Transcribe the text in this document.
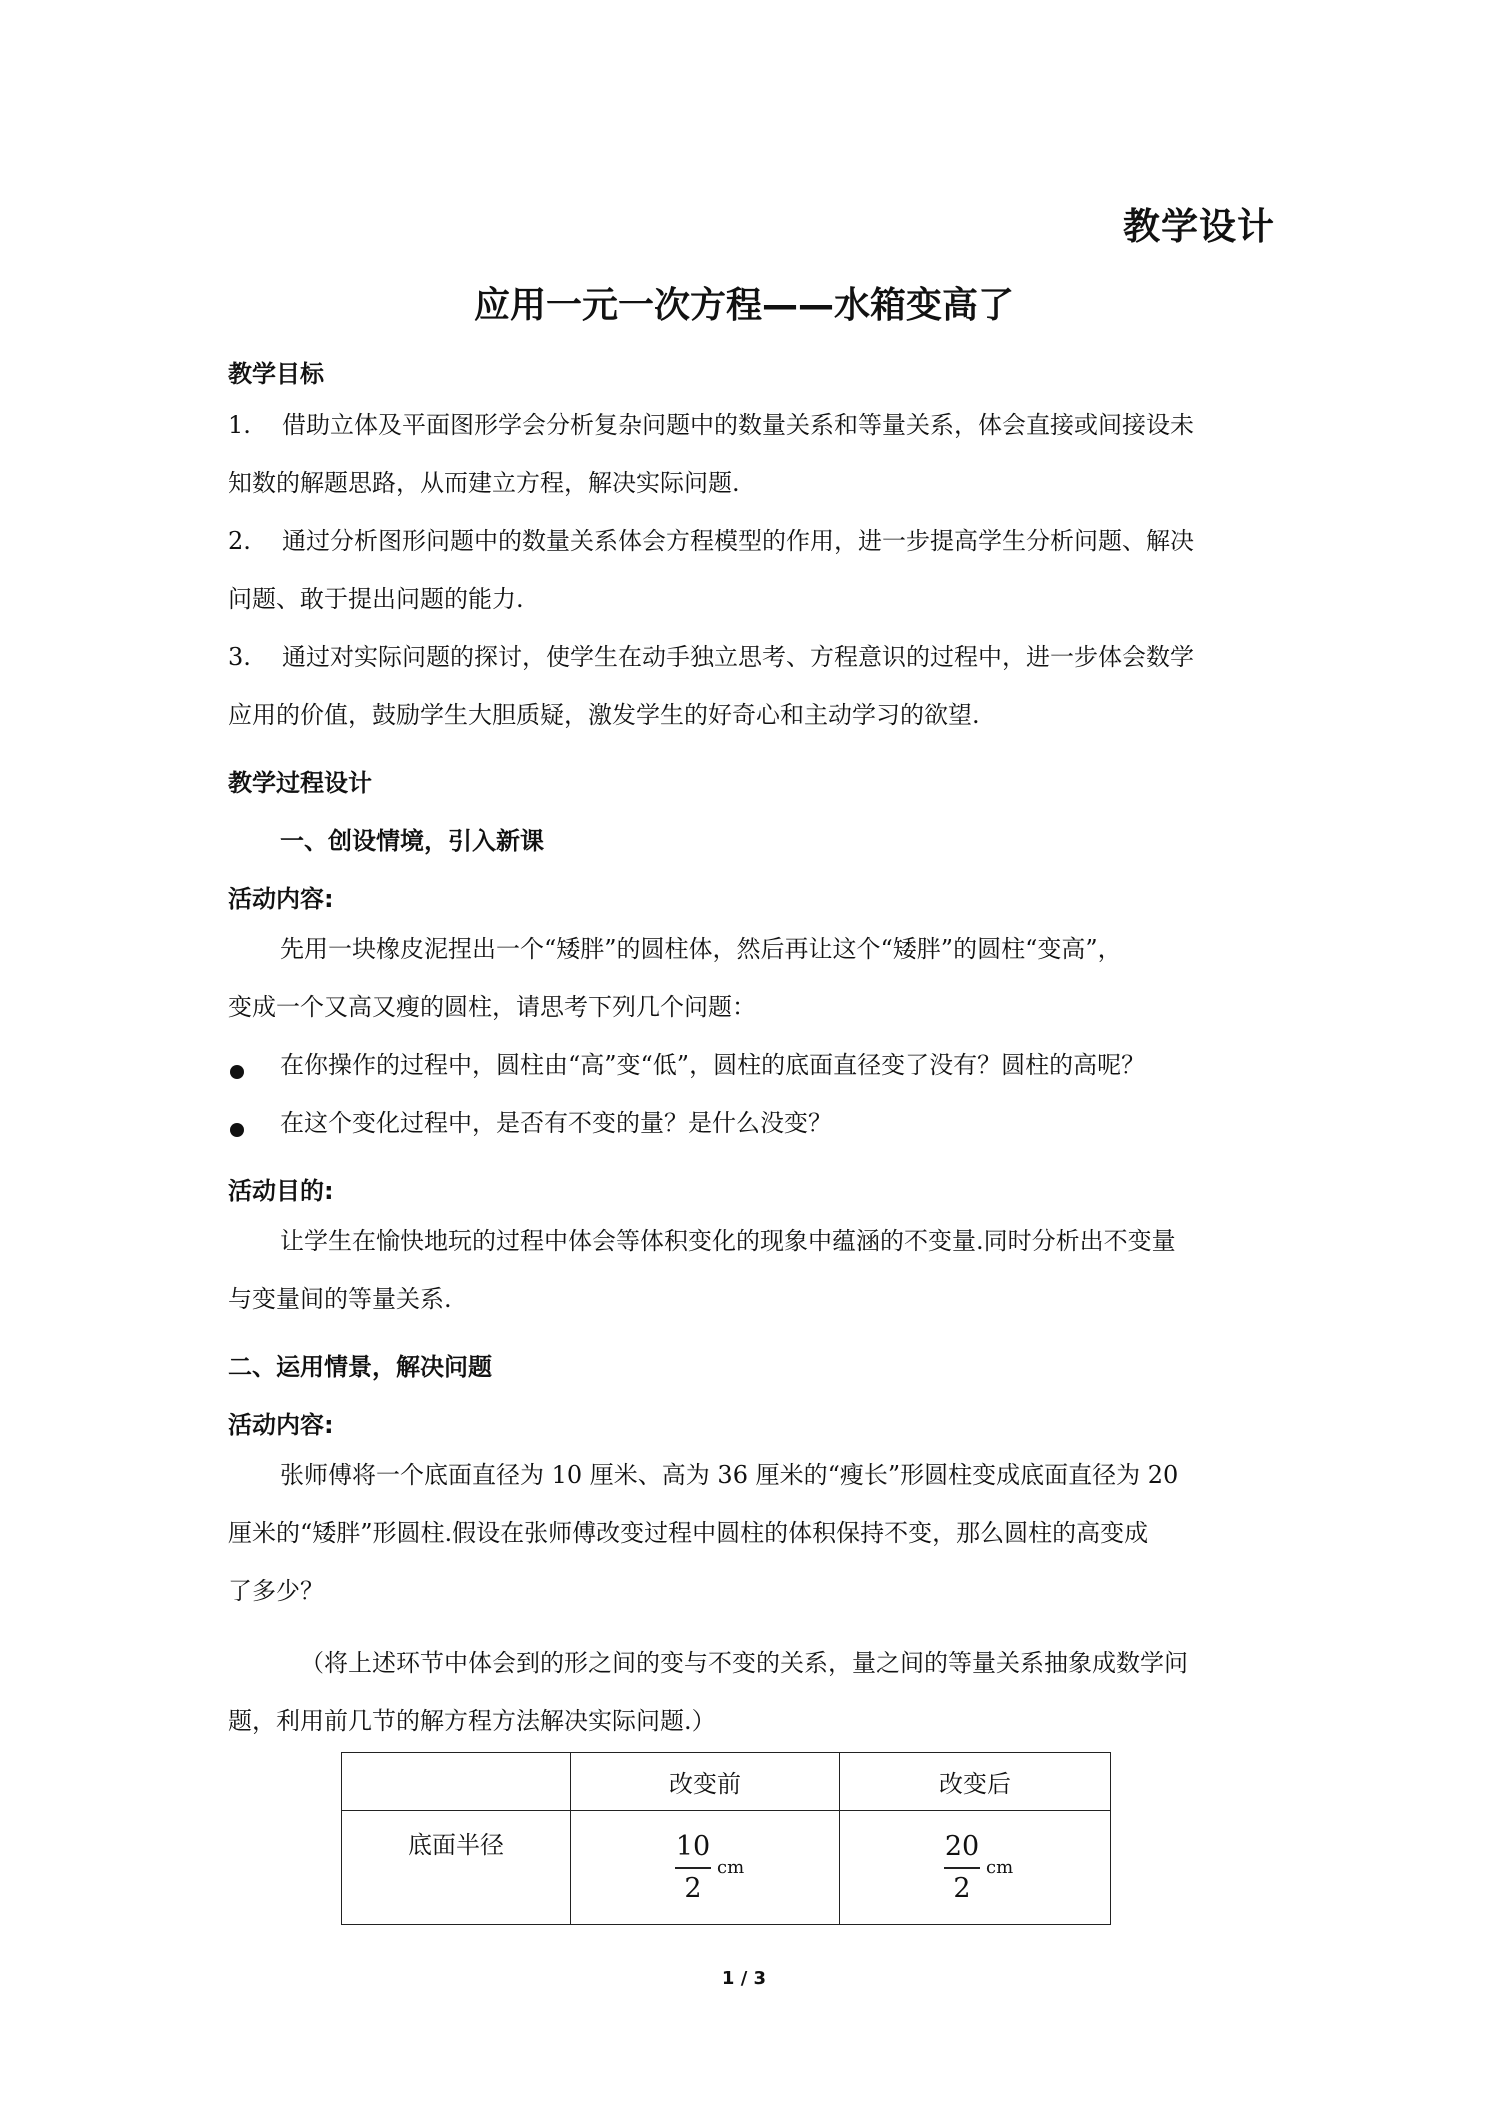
教学设计
应用一元一次方程——水箱变高了
教学目标
1. 借助立体及平面图形学会分析复杂问题中的数量关系和等量关系，体会直接或间接设未
知数的解题思路，从而建立方程，解决实际问题.
2. 通过分析图形问题中的数量关系体会方程模型的作用，进一步提高学生分析问题、解决
问题、敢于提出问题的能力.
3. 通过对实际问题的探讨，使学生在动手独立思考、方程意识的过程中，进一步体会数学
应用的价值，鼓励学生大胆质疑，激发学生的好奇心和主动学习的欲望.
教学过程设计
一、创设情境，引入新课
活动内容:
先用一块橡皮泥捏出一个“矮胖”的圆柱体，然后再让这个“矮胖”的圆柱“变高”，
变成一个又高又瘦的圆柱，请思考下列几个问题：
在你操作的过程中，圆柱由“高”变“低”，圆柱的底面直径变了没有？圆柱的高呢？
在这个变化过程中，是否有不变的量？是什么没变？
活动目的:
让学生在愉快地玩的过程中体会等体积变化的现象中蕴涵的不变量.同时分析出不变量
与变量间的等量关系.
二、运用情景，解决问题
活动内容:
张师傅将一个底面直径为 10 厘米、高为 36 厘米的“瘦长”形圆柱变成底面直径为 20
厘米的“矮胖”形圆柱.假设在张师傅改变过程中圆柱的体积保持不变，那么圆柱的高变成
了多少？
（将上述环节中体会到的形之间的变与不变的关系，量之间的等量关系抽象成数学问
题，利用前几节的解方程方法解决实际问题.）
	改变前	改变后
底面半径	$\frac{10}{2}$ cm	$\frac{20}{2}$ cm
1 / 3
